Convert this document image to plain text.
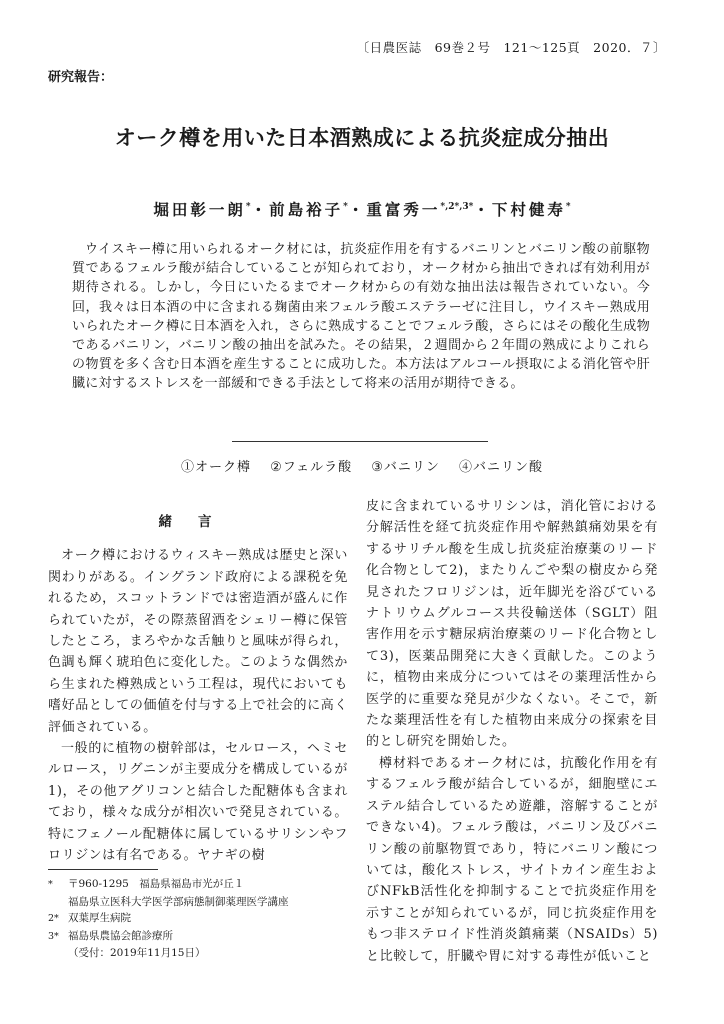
〔日農医誌　69巻２号　121～125頁　2020．７〕
研究報告：
オーク樽を用いた日本酒熟成による抗炎症成分抽出
堀田彰一朗*・前島裕子*・重富秀一$^{*,2*,3*}$・下村健寿*

ウイスキー樽に用いられるオーク材には，抗炎症作用を有するバニリンとバニリン酸の前駆物質であるフェルラ酸が結合していることが知られており，オーク材から抽出できれば有効利用が期待される。しかし，今日にいたるまでオーク材からの有効な抽出法は報告されていない。今回，我々は日本酒の中に含まれる麹菌由来フェルラ酸エステラーゼに注目し，ウイスキー熟成用いられたオーク樽に日本酒を入れ，さらに熟成することでフェルラ酸，さらにはその酸化生成物であるバニリン，バニリン酸の抽出を試みた。その結果，２週間から２年間の熟成によりこれらの物質を多く含む日本酒を産生することに成功した。本方法はアルコール摂取による消化管や肝臓に対するストレスを一部緩和できる手法として将来の活用が期待できる。

①オーク樽 ②フェルラ酸 ③バニリン ④バニリン酸

緒言

オーク樽におけるウィスキー熟成は歴史と深い関わりがある。イングランド政府による課税を免れるため，スコットランドでは密造酒が盛んに作られていたが，その際蒸留酒をシェリー樽に保管したところ，まろやかな舌触りと風味が得られ，色調も輝く琥珀色に変化した。このような偶然から生まれた樽熟成という工程は，現代においても嗜好品としての価値を付与する上で社会的に高く評価されている。

一般的に植物の樹幹部は，セルロース，ヘミセルロース，リグニンが主要成分を構成しているが1)，その他アグリコンと結合した配糖体も含まれており，様々な成分が相次いで発見されている。特にフェノール配糖体に属しているサリシンやフロリジンは有名である。ヤナギの樹

皮に含まれているサリシンは，消化管における分解活性を経て抗炎症作用や解熱鎮痛効果を有するサリチル酸を生成し抗炎症治療薬のリード化合物として2)，またりんごや梨の樹皮から発見されたフロリジンは，近年脚光を浴びているナトリウムグルコース共役輸送体（SGLT）阻害作用を示す糖尿病治療薬のリード化合物として3)，医薬品開発に大きく貢献した。このように，植物由来成分についてはその薬理活性から医学的に重要な発見が少なくない。そこで，新たな薬理活性を有した植物由来成分の探索を目的とし研究を開始した。

樽材料であるオーク材には，抗酸化作用を有するフェルラ酸が結合しているが，細胞壁にエステル結合しているため遊離，溶解することができない4)。フェルラ酸は，バニリン及びバニリン酸の前駆物質であり，特にバニリン酸については，酸化ストレス，サイトカイン産生およびNFkB活性化を抑制することで抗炎症作用を示すことが知られているが，同じ抗炎症作用をもつ非ステロイド性消炎鎮痛薬（NSAIDs）5)と比較して，肝臓や胃に対する毒性が低いこと

* 〒960-1295　福島県福島市光が丘１
福島県立医科大学医学部病態制御薬理医学講座
2* 双葉厚生病院
3* 福島県農協会館診療所
（受付：2019年11月15日）
